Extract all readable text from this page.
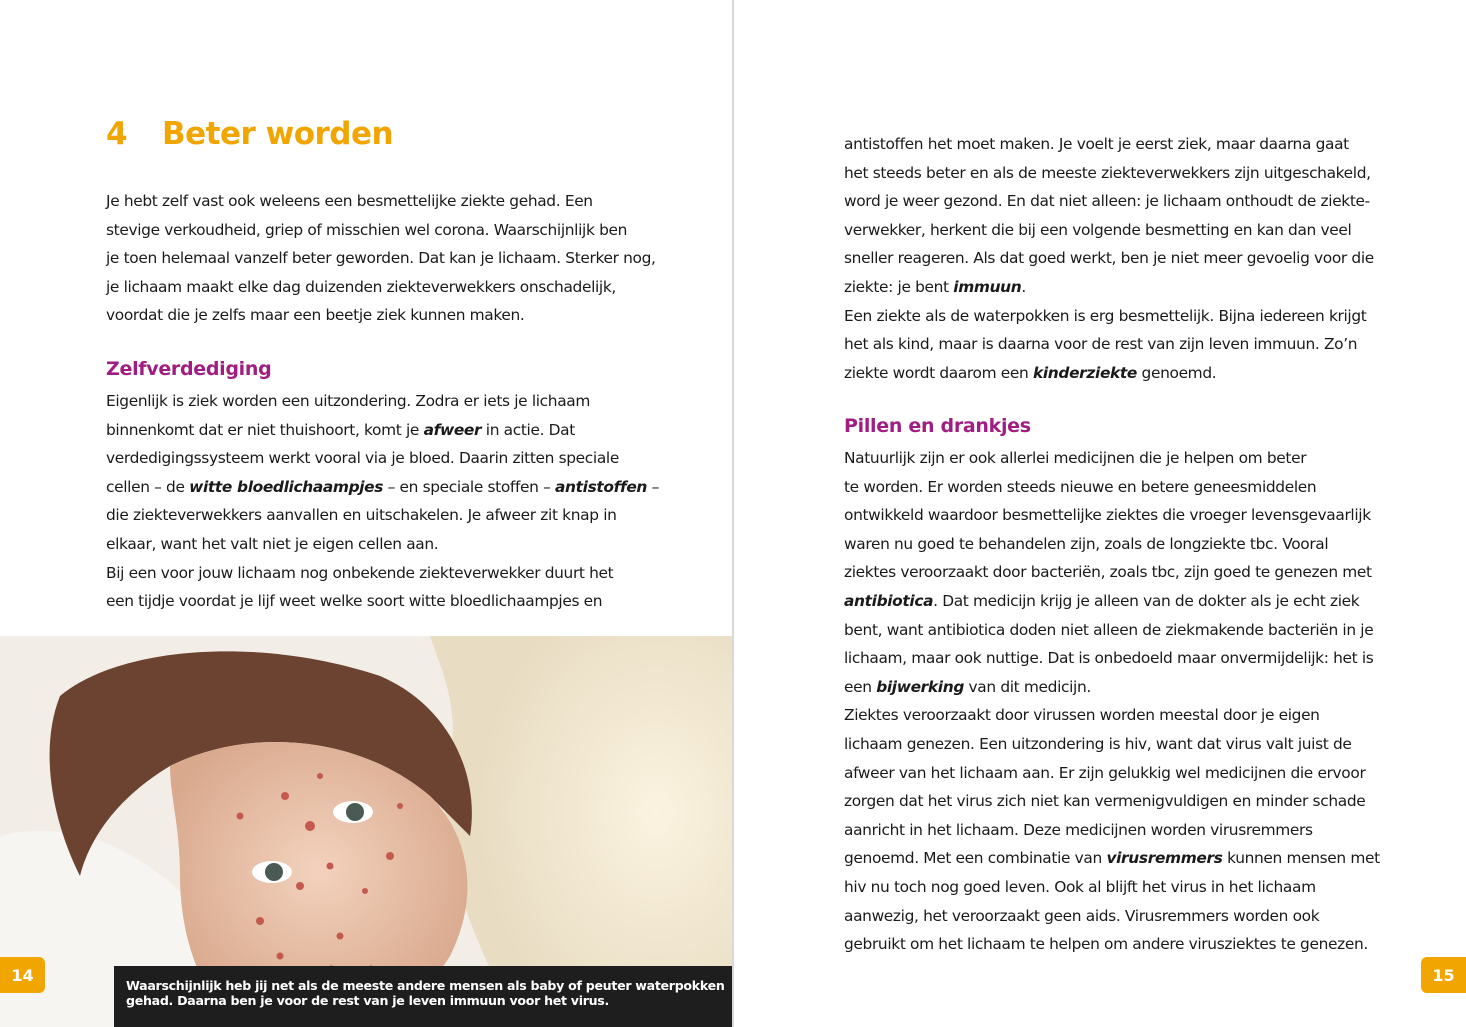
4 Beter worden
Je hebt zelf vast ook weleens een besmettelijke ziekte gehad. Een
stevige verkoudheid, griep of misschien wel corona. Waarschijnlijk ben
je toen helemaal vanzelf beter geworden. Dat kan je lichaam. Sterker nog,
je lichaam maakt elke dag duizenden ziekteverwekkers onschadelijk,
voordat die je zelfs maar een beetje ziek kunnen maken.
Zelfverdediging
Eigenlijk is ziek worden een uitzondering. Zodra er iets je lichaam
binnenkomt dat er niet thuishoort, komt je afweer in actie. Dat
verdedigingssysteem werkt vooral via je bloed. Daarin zitten speciale
cellen – de witte bloedlichaampjes – en speciale stoffen – antistoffen –
die ziekteverwekkers aanvallen en uitschakelen. Je afweer zit knap in
elkaar, want het valt niet je eigen cellen aan.
Bij een voor jouw lichaam nog onbekende ziekteverwekker duurt het
een tijdje voordat je lijf weet welke soort witte bloedlichaampjes en
Waarschijnlijk heb jij net als de meeste andere mensen als baby of peuter waterpokken
gehad. Daarna ben je voor de rest van je leven immuun voor het virus.
14
antistoffen het moet maken. Je voelt je eerst ziek, maar daarna gaat
het steeds beter en als de meeste ziekteverwekkers zijn uitgeschakeld,
word je weer gezond. En dat niet alleen: je lichaam onthoudt de ziekte-
verwekker, herkent die bij een volgende besmetting en kan dan veel
sneller reageren. Als dat goed werkt, ben je niet meer gevoelig voor die
ziekte: je bent immuun.
Een ziekte als de waterpokken is erg besmettelijk. Bijna iedereen krijgt
het als kind, maar is daarna voor de rest van zijn leven immuun. Zo’n
ziekte wordt daarom een kinderziekte genoemd.
Pillen en drankjes
Natuurlijk zijn er ook allerlei medicijnen die je helpen om beter
te worden. Er worden steeds nieuwe en betere geneesmiddelen
ontwikkeld waardoor besmettelijke ziektes die vroeger levensgevaarlijk
waren nu goed te behandelen zijn, zoals de longziekte tbc. Vooral
ziektes veroorzaakt door bacteriën, zoals tbc, zijn goed te genezen met
antibiotica. Dat medicijn krijg je alleen van de dokter als je echt ziek
bent, want antibiotica doden niet alleen de ziekmakende bacteriën in je
lichaam, maar ook nuttige. Dat is onbedoeld maar onvermijdelijk: het is
een bijwerking van dit medicijn.
Ziektes veroorzaakt door virussen worden meestal door je eigen
lichaam genezen. Een uitzondering is hiv, want dat virus valt juist de
afweer van het lichaam aan. Er zijn gelukkig wel medicijnen die ervoor
zorgen dat het virus zich niet kan vermenigvuldigen en minder schade
aanricht in het lichaam. Deze medicijnen worden virusremmers
genoemd. Met een combinatie van virusremmers kunnen mensen met
hiv nu toch nog goed leven. Ook al blijft het virus in het lichaam
aanwezig, het veroorzaakt geen aids. Virusremmers worden ook
gebruikt om het lichaam te helpen om andere virusziektes te genezen.
15
